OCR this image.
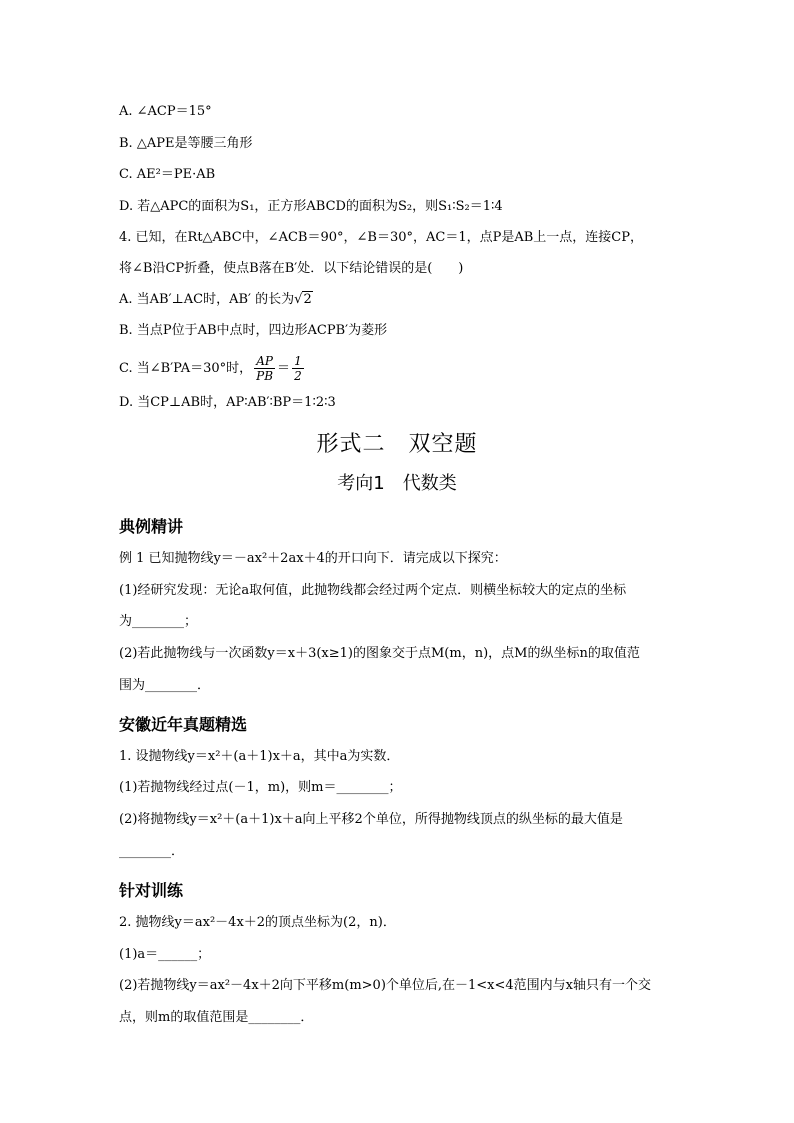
A. ∠ACP＝15°
B. △APE是等腰三角形
C. AE²＝PE·AB
D. 若△APC的面积为S₁，正方形ABCD的面积为S₂，则S₁∶S₂＝1∶4
4. 已知，在Rt△ABC中，∠ACB＝90°，∠B＝30°，AC＝1，点P是AB上一点，连接CP，
将∠B沿CP折叠，使点B落在B′处．以下结论错误的是(　　)
A. 当AB′⊥AC时，AB′ 的长为√2
B. 当点P位于AB中点时，四边形ACPB′为菱形
C. 当∠B′PA＝30°时， $\frac{AP}{PB} = \frac{1}{2}$
D. 当CP⊥AB时，AP∶AB′∶BP＝1∶2∶3
形式二　双空题
考向1　代数类
典例精讲
例 1 已知抛物线y＝－ax²＋2ax＋4的开口向下．请完成以下探究：
(1)经研究发现：无论a取何值，此抛物线都会经过两个定点．则横坐标较大的定点的坐标
为________；
(2)若此抛物线与一次函数y＝x＋3(x≥1)的图象交于点M(m，n)，点M的纵坐标n的取值范
围为________．
安徽近年真题精选
1. 设抛物线y＝x²＋(a＋1)x＋a，其中a为实数．
(1)若抛物线经过点(－1，m)，则m＝________；
(2)将抛物线y＝x²＋(a＋1)x＋a向上平移2个单位，所得抛物线顶点的纵坐标的最大值是
________．
针对训练
2. 抛物线y＝ax²－4x＋2的顶点坐标为(2，n)．
(1)a＝______；
(2)若抛物线y＝ax²－4x＋2向下平移m(m>0)个单位后,在－1<x<4范围内与x轴只有一个交
点，则m的取值范围是________．
